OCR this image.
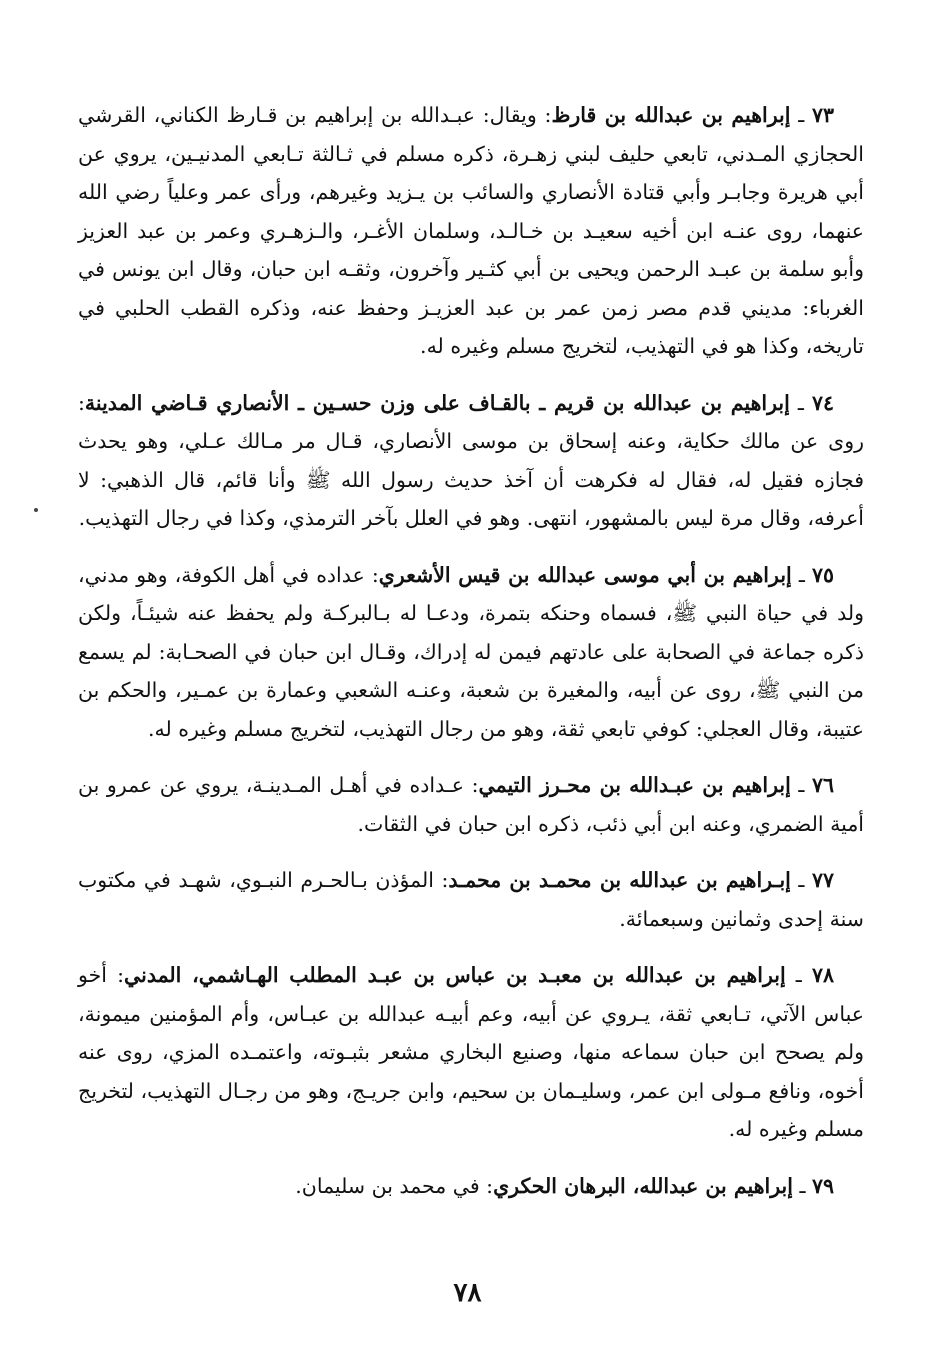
٧٣ ـ إبراهيم بن عبدالله بن قارظ: ويقال: عبـدالله بن إبراهيم بن قـارظ الكناني، القرشي الحجازي المـدني، تابعي حليف لبني زهـرة، ذكره مسلم في ثـالثة تـابعي المدنيـين، يروي عن أبي هريرة وجابـر وأبي قتادة الأنصاري والسائب بن يـزيد وغيرهم، ورأى عمر وعلياً رضي الله عنهما، روى عنـه ابن أخيه سعيـد بن خـالـد، وسلمان الأغـر، والـزهـري وعمر بن عبد العزيز وأبو سلمة بن عبـد الرحمن ويحيى بن أبي كثـير وآخرون، وثقـه ابن حبان، وقال ابن يونس في الغرباء: مديني قدم مصر زمن عمر بن عبد العزيـز وحفظ عنه، وذكره القطب الحلبي في تاريخه، وكذا هو في التهذيب، لتخريج مسلم وغيره له.

٧٤ ـ إبراهيم بن عبدالله بن قريم ـ بالقـاف على وزن حسـين ـ الأنصاري قـاضي المدينة: روى عن مالك حكاية، وعنه إسحاق بن موسى الأنصاري، قـال مر مـالك عـلي، وهو يحدث فجازه فقيل له، فقال له فكرهت أن آخذ حديث رسول الله ﷺ وأنا قائم، قال الذهبي: لا أعرفه، وقال مرة ليس بالمشهور، انتهى. وهو في العلل بآخر الترمذي، وكذا في رجال التهذيب.

٧٥ ـ إبراهيم بن أبي موسى عبدالله بن قيس الأشعري: عداده في أهل الكوفة، وهو مدني، ولد في حياة النبي ﷺ، فسماه وحنكه بتمرة، ودعـا له بـالبركـة ولم يحفظ عنه شيئـاً، ولكن ذكره جماعة في الصحابة على عادتهم فيمن له إدراك، وقـال ابن حبان في الصحـابة: لم يسمع من النبي ﷺ، روى عن أبيه، والمغيرة بن شعبة، وعنـه الشعبي وعمارة بن عمـير، والحكم بن عتيبة، وقال العجلي: كوفي تابعي ثقة، وهو من رجال التهذيب، لتخريج مسلم وغيره له.

٧٦ ـ إبراهيم بن عبـدالله بن محـرز التيمي: عـداده في أهـل المـدينـة، يروي عن عمرو بن أمية الضمري، وعنه ابن أبي ذئب، ذكره ابن حبان في الثقات.

٧٧ ـ إبـراهيم بن عبدالله بن محمـد بن محمـد: المؤذن بـالحـرم النبـوي، شهـد في مكتوب سنة إحدى وثمانين وسبعمائة.

٧٨ ـ إبراهيم بن عبدالله بن معبـد بن عباس بن عبـد المطلب الهـاشمي، المدني: أخو عباس الآتي، تـابعي ثقة، يـروي عن أبيه، وعم أبيـه عبدالله بن عبـاس، وأم المؤمنين ميمونة، ولم يصحح ابن حبان سماعه منها، وصنيع البخاري مشعر بثبـوته، واعتمـده المزي، روى عنه أخوه، ونافع مـولى ابن عمر، وسليـمان بن سحيم، وابن جريـج، وهو من رجـال التهذيب، لتخريج مسلم وغيره له.

٧٩ ـ إبراهيم بن عبدالله، البرهان الحكري: في محمد بن سليمان.

٧٨
